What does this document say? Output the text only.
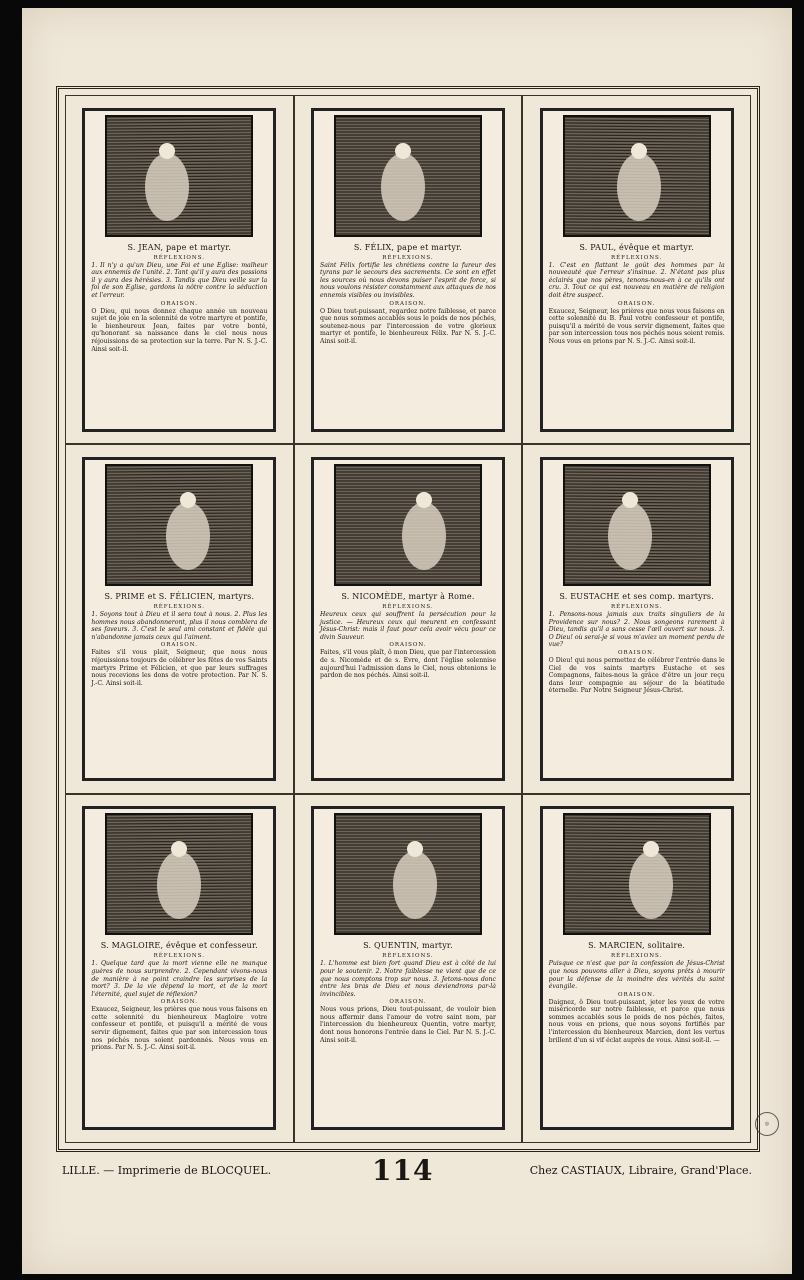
S. JEAN, pape et martyr.
RÉFLEXIONS.

1. Il n'y a qu'un Dieu, une Foi et une Eglise: malheur aux ennemis de l'unité. 2. Tant qu'il y aura des passions il y aura des hérésies. 3. Tandis que Dieu veille sur la foi de son Eglise, gardons la nôtre contre la séduction et l'erreur.

ORAISON.

O Dieu, qui nous donnez chaque année un nouveau sujet de joie en la solennité de votre martyre et pontife, le bienheureux Jean, faites par votre bonté, qu'honorant sa naissance dans le ciel nous nous réjouissions de sa protection sur la terre. Par N. S. J.-C. Ainsi soit-il.

S. FÉLIX, pape et martyr.
RÉFLEXIONS.

Saint Félix fortifie les chrétiens contre la fureur des tyrans par le secours des sacrements. Ce sont en effet les sources où nous devons puiser l'esprit de force, si nous voulons résister constamment aux attaques de nos ennemis visibles ou invisibles.

ORAISON.

O Dieu tout-puissant, regardez notre faiblesse, et parce que nous sommes accablés sous le poids de nos péchés, soutenez-nous par l'intercession de votre glorieux martyr et pontife, le bienheureux Félix. Par N. S. J.-C. Ainsi soit-il.

S. PAUL, évêque et martyr.
RÉFLEXIONS.

1. C'est en flattant le goût des hommes par la nouveauté que l'erreur s'insinue. 2. N'étant pas plus éclairés que nos pères, tenons-nous-en à ce qu'ils ont cru. 3. Tout ce qui est nouveau en matière de religion doit être suspect.

ORAISON.

Exaucez, Seigneur, les prières que nous vous faisons en cette solennité du B. Paul votre confesseur et pontife, puisqu'il a mérité de vous servir dignement, faites que par son intercession tous nos péchés nous soient remis. Nous vous en prions par N. S. J.-C. Ainsi soit-il.

S. PRIME et S. FÉLICIEN, martyrs.
RÉFLEXIONS.

1. Soyons tout à Dieu et il sera tout à nous. 2. Plus les hommes nous abandonneront, plus il nous comblera de ses faveurs. 3. C'est le seul ami constant et fidèle qui n'abandonne jamais ceux qui l'aiment.

ORAISON.

Faites s'il vous plait, Seigneur, que nous nous réjouissions toujours de célébrer les fêtes de vos Saints martyrs Prime et Félicien, et que par leurs suffrages nous recevions les dons de votre protection. Par N. S. J.-C. Ainsi soit-il.

S. NICOMÈDE, martyr à Rome.
RÉFLEXIONS.

Heureux ceux qui souffrent la persécution pour la justice. — Heureux ceux qui meurent en confessant Jésus-Christ: mais il faut pour cela avoir vécu pour ce divin Sauveur.

ORAISON.

Faites, s'il vous plaît, ô mon Dieu, que par l'intercession de s. Nicomède et de s. Evre, dont l'église solennise aujourd'hui l'admission dans le Ciel, nous obtenions le pardon de nos péchés. Ainsi soit-il.

S. EUSTACHE et ses comp. martyrs.
RÉFLEXIONS.

1. Pensons-nous jamais aux traits singuliers de la Providence sur nous? 2. Nous songeons rarement à Dieu, tandis qu'il a sans cesse l'œil ouvert sur nous. 3. O Dieu! où serai-je si vous m'aviez un moment perdu de vue?

ORAISON.

O Dieu! qui nous permettez de célébrer l'entrée dans le Ciel de vos saints martyrs Eustache et ses Compagnons, faites-nous la grâce d'être un jour reçu dans leur compagnie au séjour de la béatitude éternelle. Par Notre Seigneur Jésus-Christ.

S. MAGLOIRE, évêque et confesseur.
RÉFLEXIONS.

1. Quelque tard que la mort vienne elle ne manque guères de nous surprendre. 2. Cependant vivons-nous de manière à ne point craindre les surprises de la mort? 3. De la vie dépend la mort, et de la mort l'éternité, quel sujet de réflexion?

ORAISON.

Exaucez, Seigneur, les prières que nous vous faisons en cette solennité du bienheureux Magloire votre confesseur et pontife, et puisqu'il a mérité de vous servir dignement, faites que par son intercession tous nos péchés nous soient pardonnés. Nous vous en prions. Par N. S. J.-C. Ainsi soit-il.

S. QUENTIN, martyr.
RÉFLEXIONS.

1. L'homme est bien fort quand Dieu est à côté de lui pour le soutenir. 2. Notre faiblesse ne vient que de ce que nous comptons trop sur nous. 3. Jetons-nous donc entre les bras de Dieu et nous deviendrons par-là invincibles.

ORAISON.

Nous vous prions, Dieu tout-puissant, de vouloir bien nous affermir dans l'amour de votre saint nom, par l'intercession du bienheureux Quentin, votre martyr, dont nous honorons l'entrée dans le Ciel. Par N. S. J.-C. Ainsi soit-il.

S. MARCIEN, solitaire.
RÉFLEXIONS.

Puisque ce n'est que par la confession de Jésus-Christ que nous pouvons aller à Dieu, soyons prêts à mourir pour la défense de la moindre des vérités du saint évangile.

ORAISON.

Daignez, ô Dieu tout-puissant, jeter les yeux de votre miséricorde sur notre faiblesse, et parce que nous sommes accablés sous le poids de nos péchés, faites, nous vous en prions, que nous soyons fortifiés par l'intercession du bienheureux Marcien, dont les vertus brillent d'un si vif éclat auprès de vous. Ainsi soit-il. —

LILLE. — Imprimerie de BLOCQUEL.	114	Chez CASTIAUX, Libraire, Grand'Place.
◎
